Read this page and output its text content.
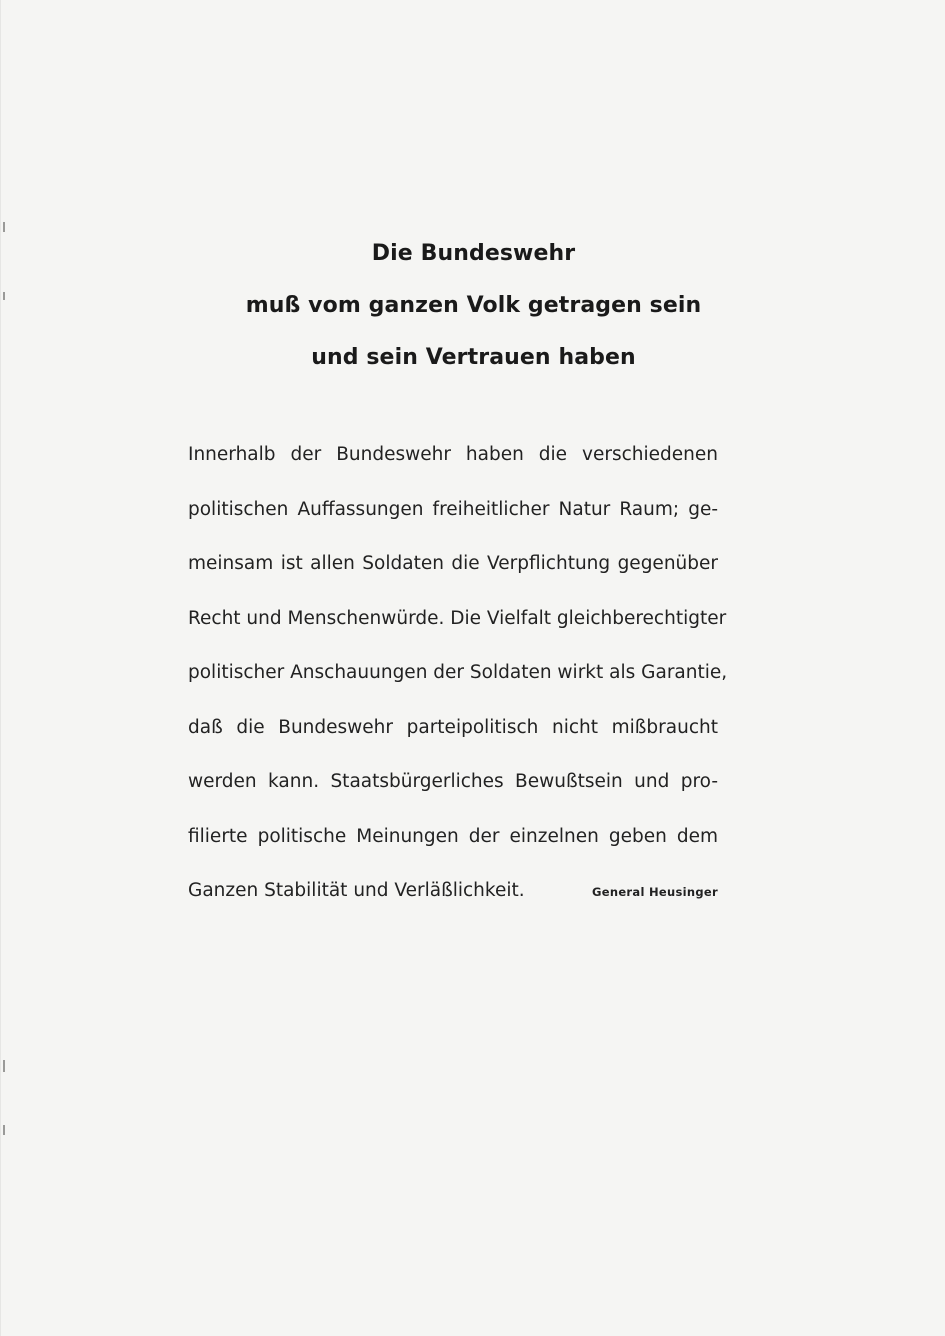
Die Bundeswehr
muß vom ganzen Volk getragen sein
und sein Vertrauen haben
Innerhalb der Bundeswehr haben die verschiedenen
politischen Auffassungen freiheitlicher Natur Raum; ge-
meinsam ist allen Soldaten die Verpflichtung gegenüber
Recht und Menschenwürde. Die Vielfalt gleichberechtigter
politischer Anschauungen der Soldaten wirkt als Garantie,
daß die Bundeswehr parteipolitisch nicht mißbraucht
werden kann. Staatsbürgerliches Bewußtsein und pro-
filierte politische Meinungen der einzelnen geben dem
Ganzen Stabilität und Verläßlichkeit.	General Heusinger
